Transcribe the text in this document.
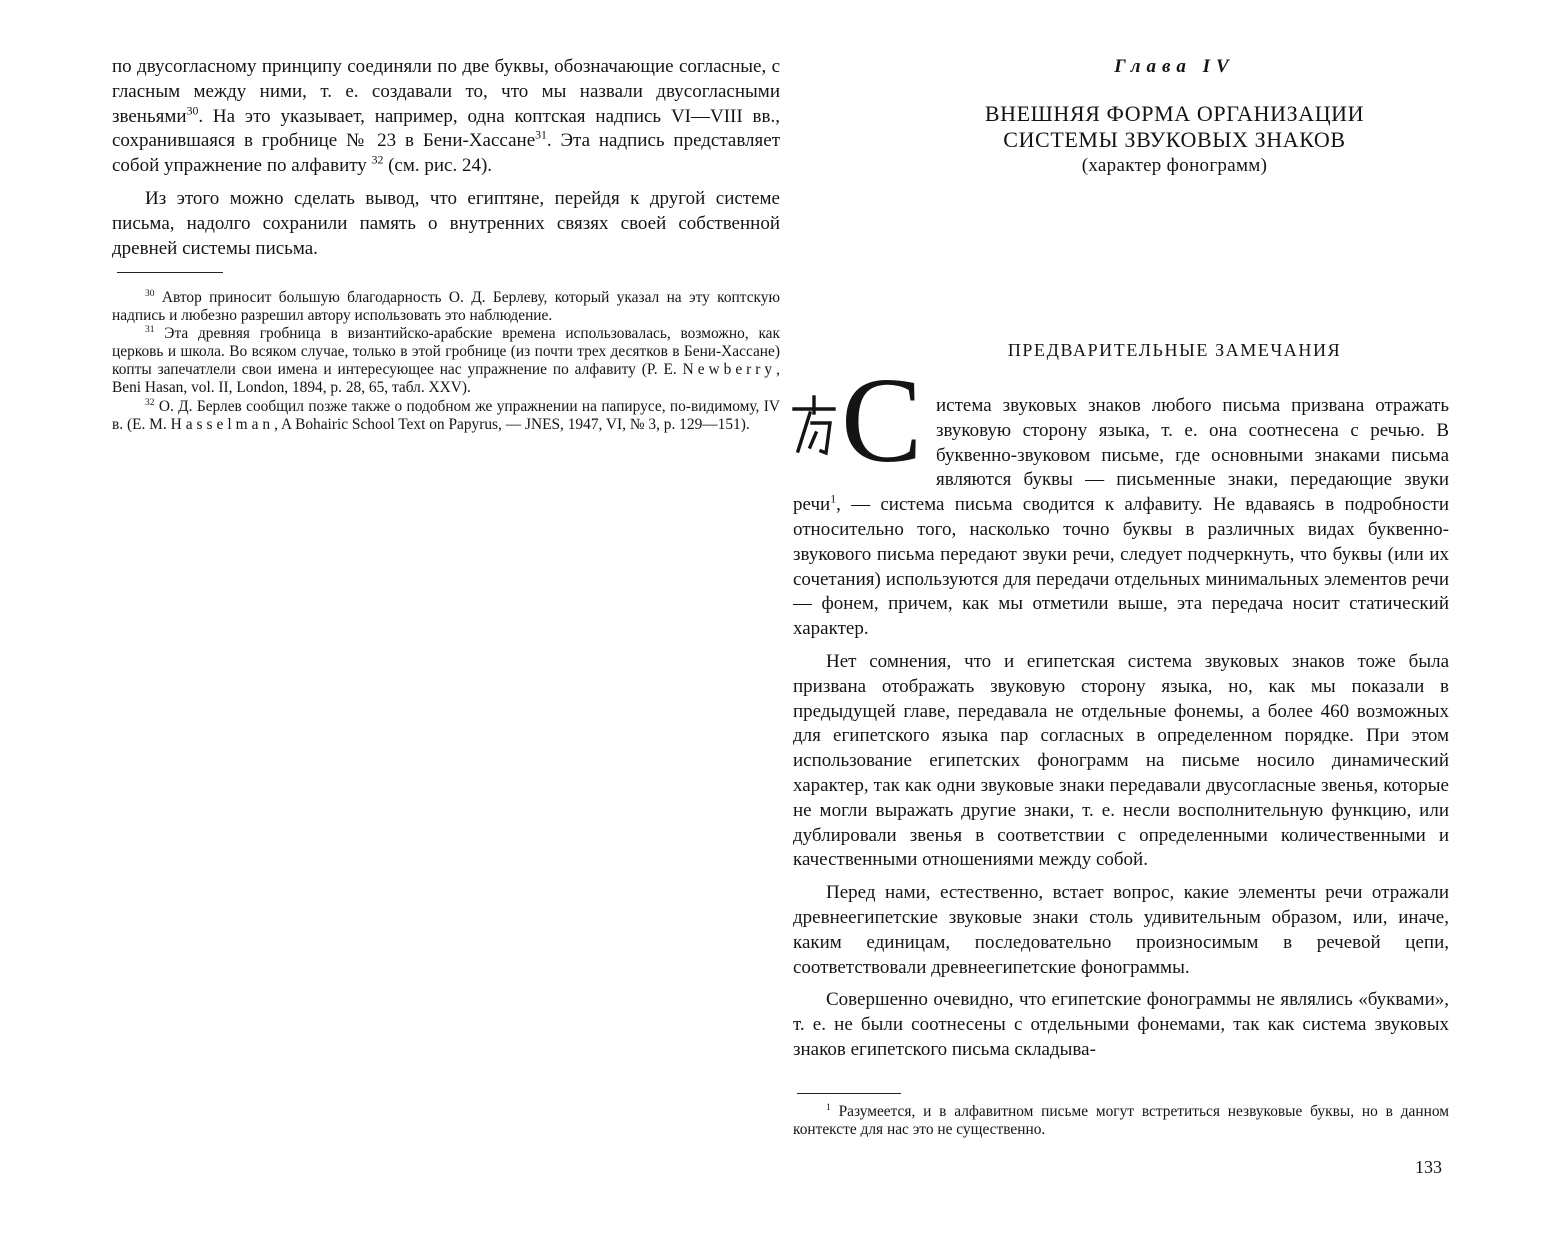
по двусогласному принципу соединяли по две буквы, обозначающие согласные, с гласным между ними, т. е. создавали то, что мы назвали двусогласными звеньями$^{30}$. На это указывает, например, одна коптская надпись VI—VIII вв., сохранившаяся в гробнице № 23 в Бени-Хассане$^{31}$. Эта надпись представляет собой упражнение по алфавиту $^{32}$ (см. рис. 24).

Из этого можно сделать вывод, что египтяне, перейдя к другой системе письма, надолго сохранили память о внутренних связях своей собственной древней системы письма.

$^{30}$ Автор приносит большую благодарность О. Д. Берлеву, который указал на эту коптскую надпись и любезно разрешил автору использовать это наблюдение.

$^{31}$ Эта древняя гробница в византийско-арабские времена использовалась, возможно, как церковь и школа. Во всяком случае, только в этой гробнице (из почти трех десятков в Бени-Хассане) копты запечатлели свои имена и интересующее нас упражнение по алфавиту (P. E. Newberry, Beni Hasan, vol. II, London, 1894, p. 28, 65, табл. XXV).

$^{32}$ О. Д. Берлев сообщил позже также о подобном же упражнении на папирусе, по-видимому, IV в. (E. M. Hasselman, A Bohairic School Text on Papyrus, — JNES, 1947, VI, № 3, p. 129—151).

Глава IV
ВНЕШНЯЯ ФОРМА ОРГАНИЗАЦИИ
СИСТЕМЫ ЗВУКОВЫХ ЗНАКОВ
(характер фонограмм)
ПРЕДВАРИТЕЛЬНЫЕ ЗАМЕЧАНИЯ
С истема звуковых знаков любого письма призвана отражать звуковую сторону языка, т. е. она соотнесена с речью. В буквенно-звуковом письме, где основными знаками письма являются буквы — письменные знаки, передающие звуки речи$^1$, — система письма сводится к алфавиту. Не вдаваясь в подробности относительно того, насколько точно буквы в различных видах буквенно-звукового письма передают звуки речи, следует подчеркнуть, что буквы (или их сочетания) используются для передачи отдельных минимальных элементов речи — фонем, причем, как мы отметили выше, эта передача носит статический характер.

Нет сомнения, что и египетская система звуковых знаков тоже была призвана отображать звуковую сторону языка, но, как мы показали в предыдущей главе, передавала не отдельные фонемы, а более 460 возможных для египетского языка пар согласных в определенном порядке. При этом использование египетских фонограмм на письме носило динамический характер, так как одни звуковые знаки передавали двусогласные звенья, которые не могли выражать другие знаки, т. е. несли восполнительную функцию, или дублировали звенья в соответствии с определенными количественными и качественными отношениями между собой.

Перед нами, естественно, встает вопрос, какие элементы речи отражали древнеегипетские звуковые знаки столь удивительным образом, или, иначе, каким единицам, последовательно произносимым в речевой цепи, соответствовали древнеегипетские фонограммы.

Совершенно очевидно, что египетские фонограммы не являлись «буквами», т. е. не были соотнесены с отдельными фонемами, так как система звуковых знаков египетского письма складыва-

$^1$ Разумеется, и в алфавитном письме могут встретиться незвуковые буквы, но в данном контексте для нас это не существенно.

133
